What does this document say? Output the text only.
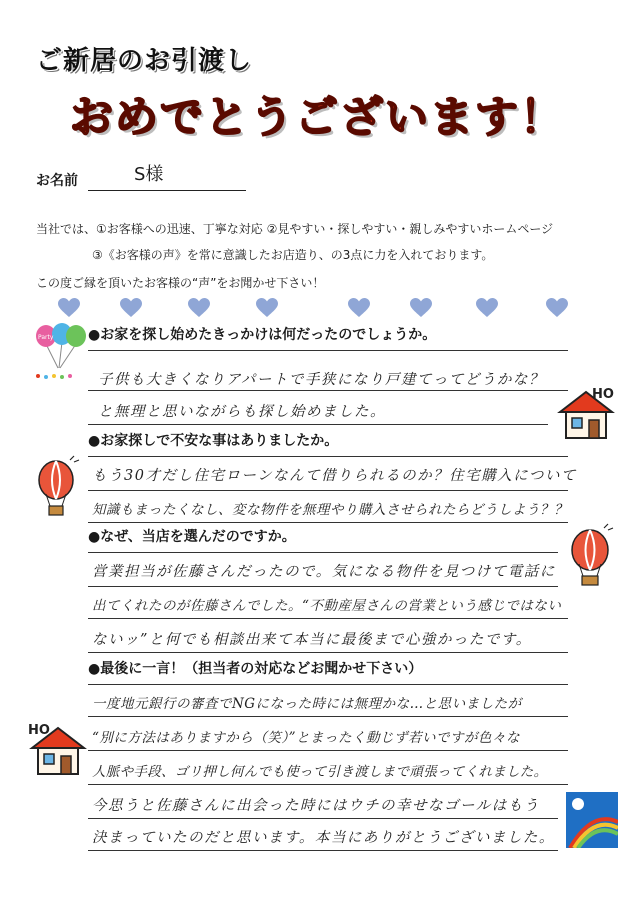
ご新居のお引渡し
おめでとうございます！
お名前	S様
当社では、①お客様への迅速、丁寧な対応 ②見やすい・探しやすい・親しみやすいホームページ
③《お客様の声》を常に意識したお店造り、の3点に力を入れております。
この度ご縁を頂いたお客様の“声”をお聞かせ下さい！
Party ●お家を探し始めたきっかけは何だったのでしょうか。
子供も大きくなりアパートで手狭になり戸建てってどうかな？
と無理と思いながらも探し始めました。
HO
●お家探しで不安な事はありましたか。
もう30才だし住宅ローンなんて借りられるのか？住宅購入について
知識もまったくなし、変な物件を無理やり購入させられたらどうしよう？？
●なぜ、当店を選んだのですか。
営業担当が佐藤さんだったので。気になる物件を見つけて電話に
出てくれたのが佐藤さんでした。“不動産屋さんの営業という感じではない
ないッ”と何でも相談出来て本当に最後まで心強かったです。
●最後に一言！（担当者の対応などお聞かせ下さい）
一度地元銀行の審査でNGになった時には無理かな…と思いましたが
“別に方法はありますから（笑）”とまったく動じず若いですが色々な
人脈や手段、ゴリ押し何んでも使って引き渡しまで頑張ってくれました。
今思うと佐藤さんに出会った時にはウチの幸せなゴールはもう
決まっていたのだと思います。本当にありがとうございました。
HO
